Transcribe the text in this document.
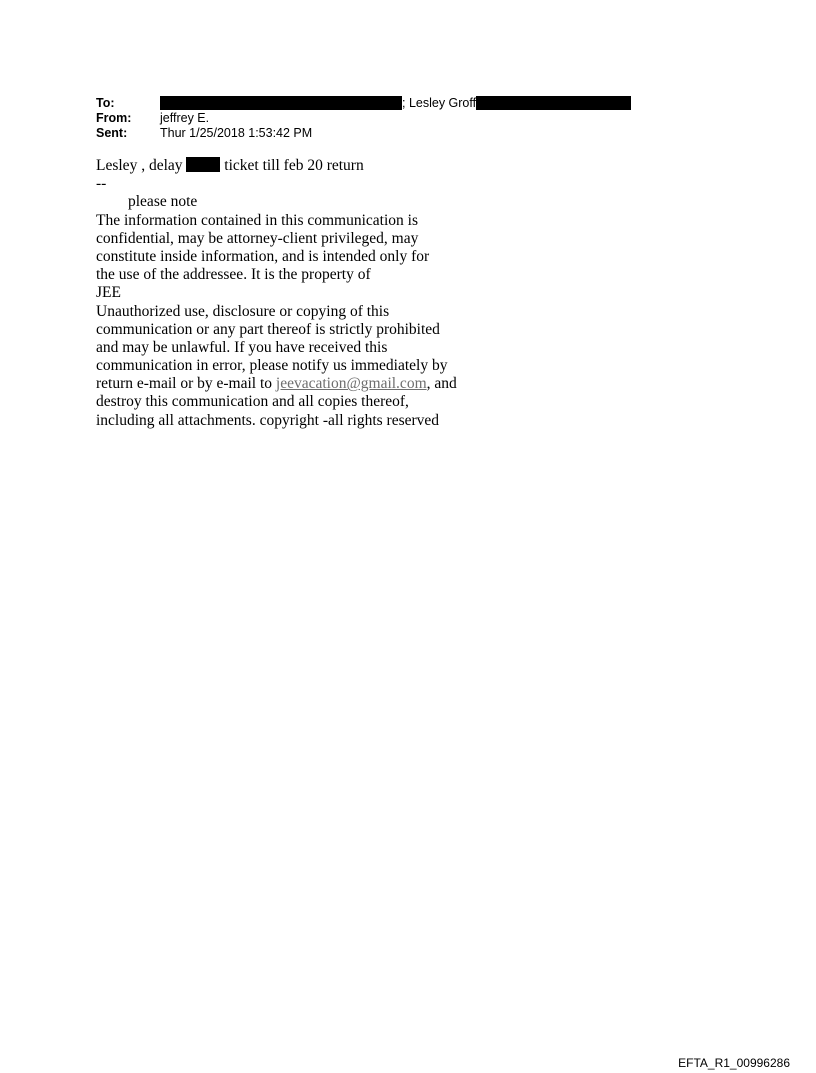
To:	; Lesley Groff
From:	jeffrey E.
Sent:	Thur 1/25/2018 1:53:42 PM
Lesley , delay	ticket till feb 20 return
--
please note
The information contained in this communication is
confidential, may be attorney-client privileged, may
constitute inside information, and is intended only for
the use of the addressee. It is the property of
JEE
Unauthorized use, disclosure or copying of this
communication or any part thereof is strictly prohibited
and may be unlawful. If you have received this
communication in error, please notify us immediately by
return e-mail or by e-mail to jeevacation@gmail.com, and
destroy this communication and all copies thereof,
including all attachments. copyright -all rights reserved
EFTA_R1_00996286
